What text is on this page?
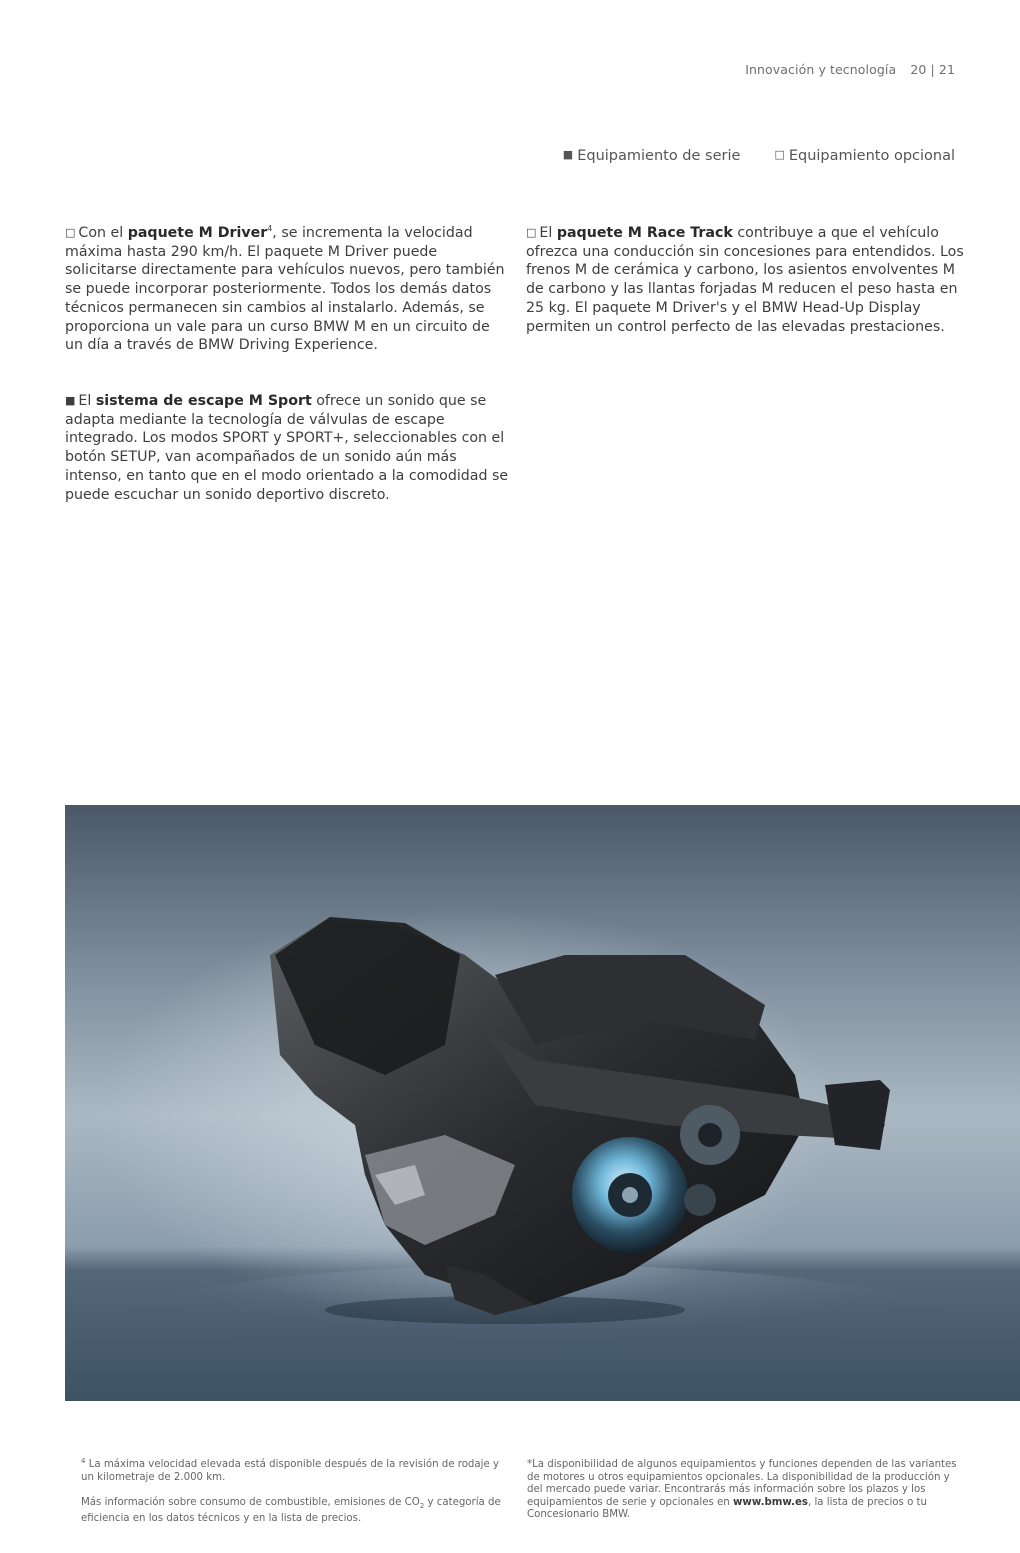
Innovación y tecnología 20 | 21
■ Equipamiento de serie	□ Equipamiento opcional
□ Con el paquete M Driver$^4$, se incrementa la velocidad máxima hasta 290 km/h. El paquete M Driver puede solicitarse directamente para vehículos nuevos, pero también se puede incorporar posteriormente. Todos los demás datos técnicos permanecen sin cambios al instalarlo. Además, se proporciona un vale para un curso BMW M en un circuito de un día a través de BMW Driving Experience.
□ El paquete M Race Track contribuye a que el vehículo ofrezca una conducción sin concesiones para entendidos. Los frenos M de cerámica y carbono, los asientos envolventes M de carbono y las llantas forjadas M reducen el peso hasta en 25 kg. El paquete M Driver's y el BMW Head-Up Display permiten un control perfecto de las elevadas prestaciones.
■ El sistema de escape M Sport ofrece un sonido que se adapta mediante la tecnología de válvulas de escape integrado. Los modos SPORT y SPORT+, seleccionables con el botón SETUP, van acompañados de un sonido aún más intenso, en tanto que en el modo orientado a la comodidad se puede escuchar un sonido deportivo discreto.
$^4$ La máxima velocidad elevada está disponible después de la revisión de rodaje y un kilometraje de 2.000 km.
Más información sobre consumo de combustible, emisiones de $CO_2$ y categoría de eficiencia en los datos técnicos y en la lista de precios.
*La disponibilidad de algunos equipamientos y funciones dependen de las variantes de motores u otros equipamientos opcionales. La disponibilidad de la producción y del mercado puede variar. Encontrarás más información sobre los plazos y los equipamientos de serie y opcionales en www.bmw.es, la lista de precios o tu Concesionario BMW.
